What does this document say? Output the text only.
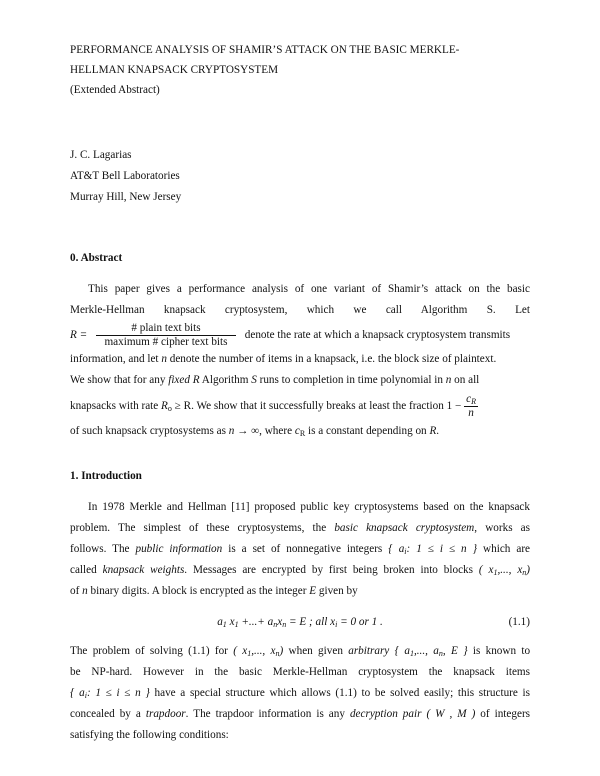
PERFORMANCE ANALYSIS OF SHAMIR’S ATTACK ON THE BASIC MERKLE-
HELLMAN KNAPSACK CRYPTOSYSTEM
(Extended Abstract)
J. C. Lagarias
AT&T Bell Laboratories
Murray Hill, New Jersey
0. Abstract
This paper gives a performance analysis of one variant of Shamir’s attack on the basic
Merkle-Hellman knapsack cryptosystem, which we call Algorithm S. Let
$R = \frac{\text{\# plain text bits}}{\text{maximum \# cipher text bits}}$ denote the rate at which a knapsack cryptosystem transmits
information, and let n denote the number of items in a knapsack, i.e. the block size of plaintext.
We show that for any fixed R Algorithm S runs to completion in time polynomial in n on all
knapsacks with rate $R_o \ge R$. We show that it successfully breaks at least the fraction $1 - \frac{c_R}{n}$
of such knapsack cryptosystems as n → ∞, where $c_R$ is a constant depending on R.
1. Introduction
In 1978 Merkle and Hellman [11] proposed public key cryptosystems based on the knapsack
problem. The simplest of these cryptosystems, the basic knapsack cryptosystem, works as
follows. The public information is a set of nonnegative integers { $a_i$: 1 ≤ i ≤ n } which are
called knapsack weights. Messages are encrypted by first being broken into blocks ( $x_1$,..., $x_n$)
of n binary digits. A block is encrypted as the integer E given by
$a_1$ $x_1$ +...+ $a_nx_n = E$ ; all $x_i = 0$ or 1 .	(1.1)
The problem of solving (1.1) for ( $x_1$,..., $x_n$) when given arbitrary { $a_1$,..., $a_n$, E } is known to
be NP-hard. However in the basic Merkle-Hellman cryptosystem the knapsack items
{ $a_i$: 1 ≤ i ≤ n } have a special structure which allows (1.1) to be solved easily; this structure is
concealed by a trapdoor. The trapdoor information is any decryption pair ( W , M ) of integers
satisfying the following conditions:
